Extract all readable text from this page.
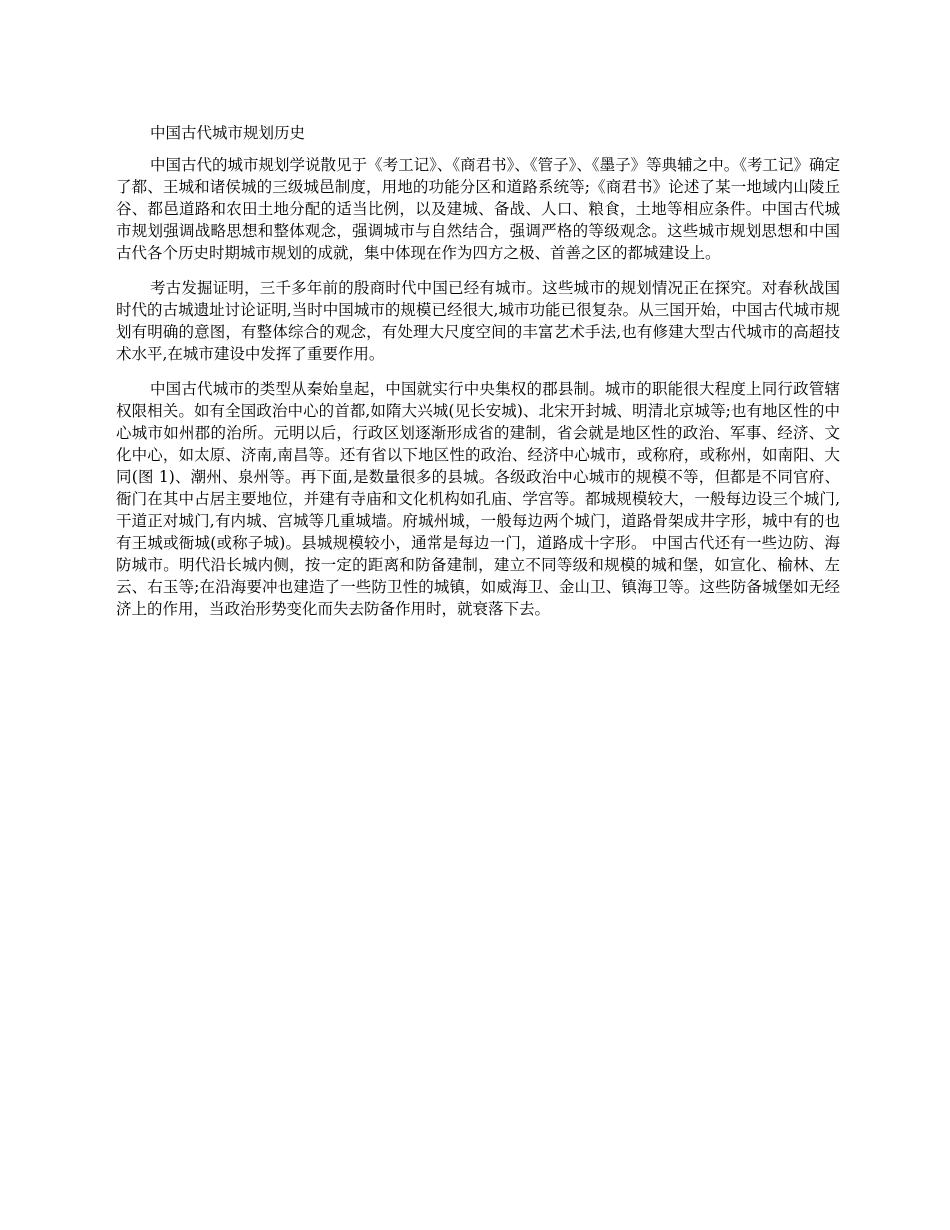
中国古代城市规划历史

中国古代的城市规划学说散见于《考工记》、《商君书》、《管子》、《墨子》等典辅之中。《考工记》确定了都、王城和诸侯城的三级城邑制度，用地的功能分区和道路系统等;《商君书》论述了某一地域内山陵丘谷、都邑道路和农田土地分配的适当比例，以及建城、备战、人口、粮食，土地等相应条件。中国古代城市规划强调战略思想和整体观念，强调城市与自然结合，强调严格的等级观念。这些城市规划思想和中国古代各个历史时期城市规划的成就，集中体现在作为四方之极、首善之区的都城建设上。

考古发掘证明，三千多年前的殷商时代中国已经有城市。这些城市的规划情况正在探究。对春秋战国时代的古城遗址讨论证明,当时中国城市的规模已经很大,城市功能已很复杂。从三国开始，中国古代城市规划有明确的意图，有整体综合的观念，有处理大尺度空间的丰富艺术手法,也有修建大型古代城市的高超技术水平,在城市建设中发挥了重要作用。

中国古代城市的类型从秦始皇起，中国就实行中央集权的郡县制。城市的职能很大程度上同行政管辖权限相关。如有全国政治中心的首都,如隋大兴城(见长安城)、北宋开封城、明清北京城等;也有地区性的中心城市如州郡的治所。元明以后，行政区划逐渐形成省的建制，省会就是地区性的政治、军事、经济、文化中心，如太原、济南,南昌等。还有省以下地区性的政治、经济中心城市，或称府，或称州，如南阳、大同(图 1)、潮州、泉州等。再下面,是数量很多的县城。各级政治中心城市的规模不等，但都是不同官府、衙门在其中占居主要地位，并建有寺庙和文化机构如孔庙、学宫等。都城规模较大，一般每边设三个城门,干道正对城门,有内城、宫城等几重城墙。府城州城，一般每边两个城门，道路骨架成井字形，城中有的也有王城或衙城(或称子城)。县城规模较小，通常是每边一门，道路成十字形。 中国古代还有一些边防、海防城市。明代沿长城内侧，按一定的距离和防备建制，建立不同等级和规模的城和堡，如宣化、榆林、左云、右玉等;在沿海要冲也建造了一些防卫性的城镇，如威海卫、金山卫、镇海卫等。这些防备城堡如无经济上的作用，当政治形势变化而失去防备作用时，就衰落下去。
